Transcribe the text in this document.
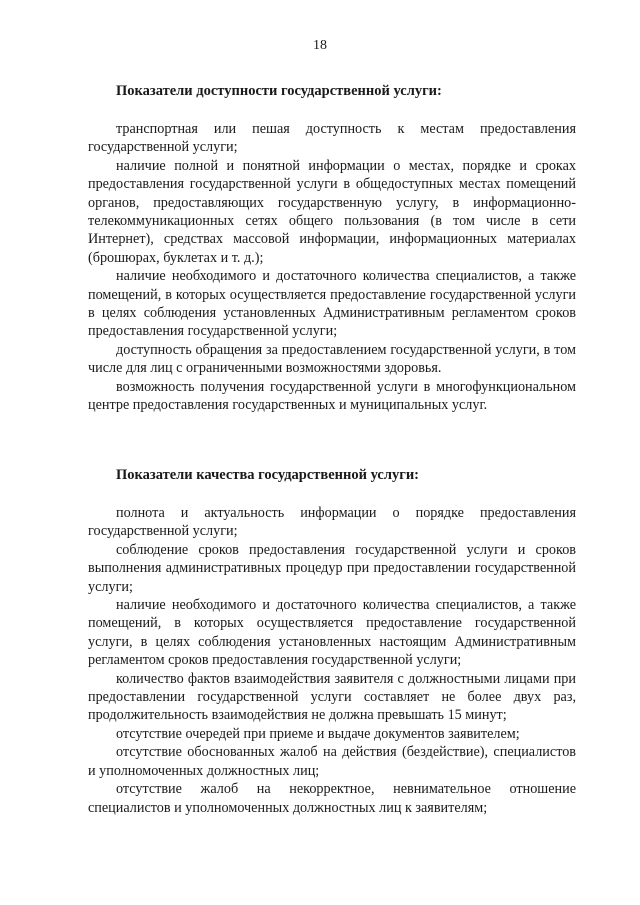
18
Показатели доступности государственной услуги:

транспортная или пешая доступность к местам предоставления государственной услуги;

наличие полной и понятной информации о местах, порядке и сроках предоставления государственной услуги в общедоступных местах помещений органов, предоставляющих государственную услугу, в информационно-телекоммуникационных сетях общего пользования (в том числе в сети Интернет), средствах массовой информации, информационных материалах (брошюрах, буклетах и т. д.);

наличие необходимого и достаточного количества специалистов, а также помещений, в которых осуществляется предоставление государственной услуги в целях соблюдения установленных Административным регламентом сроков предоставления государственной услуги;

доступность обращения за предоставлением государственной услуги, в том числе для лиц с ограниченными возможностями здоровья.

возможность получения государственной услуги в многофункциональном центре предоставления государственных и муниципальных услуг.

Показатели качества государственной услуги:

полнота и актуальность информации о порядке предоставления государственной услуги;

соблюдение сроков предоставления государственной услуги и сроков выполнения административных процедур при предоставлении государственной услуги;

наличие необходимого и достаточного количества специалистов, а также помещений, в которых осуществляется предоставление государственной услуги, в целях соблюдения установленных настоящим Административным регламентом сроков предоставления государственной услуги;

количество фактов взаимодействия заявителя с должностными лицами при предоставлении государственной услуги составляет не более двух раз, продолжительность взаимодействия не должна превышать 15 минут;

отсутствие очередей при приеме и выдаче документов заявителем;

отсутствие обоснованных жалоб на действия (бездействие), специалистов и уполномоченных должностных лиц;

отсутствие жалоб на некорректное, невнимательное отношение специалистов и уполномоченных должностных лиц к заявителям;
